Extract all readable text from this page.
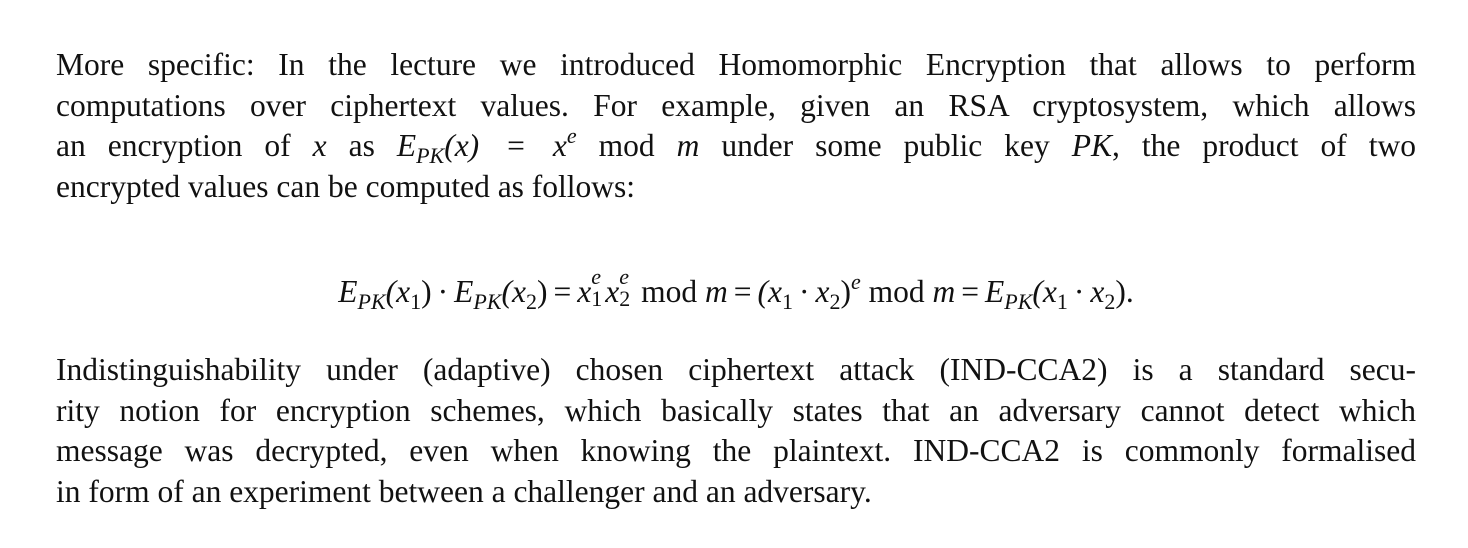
More specific: In the lecture we introduced Homomorphic Encryption that allows to perform
computations over ciphertext values. For example, given an RSA cryptosystem, which allows
an encryption of x as $E_{PK}(x) = x^e$ mod m under some public key PK, the product of two
encrypted values can be computed as follows:

$E_{PK}(x_1) \cdot E_{PK}(x_2) = x$ e
1 x e
2 mod $m = (x_1 \cdot x_2)^e$ mod $m = E_{PK}(x_1 \cdot x_2)$.

Indistinguishability under (adaptive) chosen ciphertext attack (IND-CCA2) is a standard secu-
rity notion for encryption schemes, which basically states that an adversary cannot detect which
message was decrypted, even when knowing the plaintext. IND-CCA2 is commonly formalised
in form of an experiment between a challenger and an adversary.
